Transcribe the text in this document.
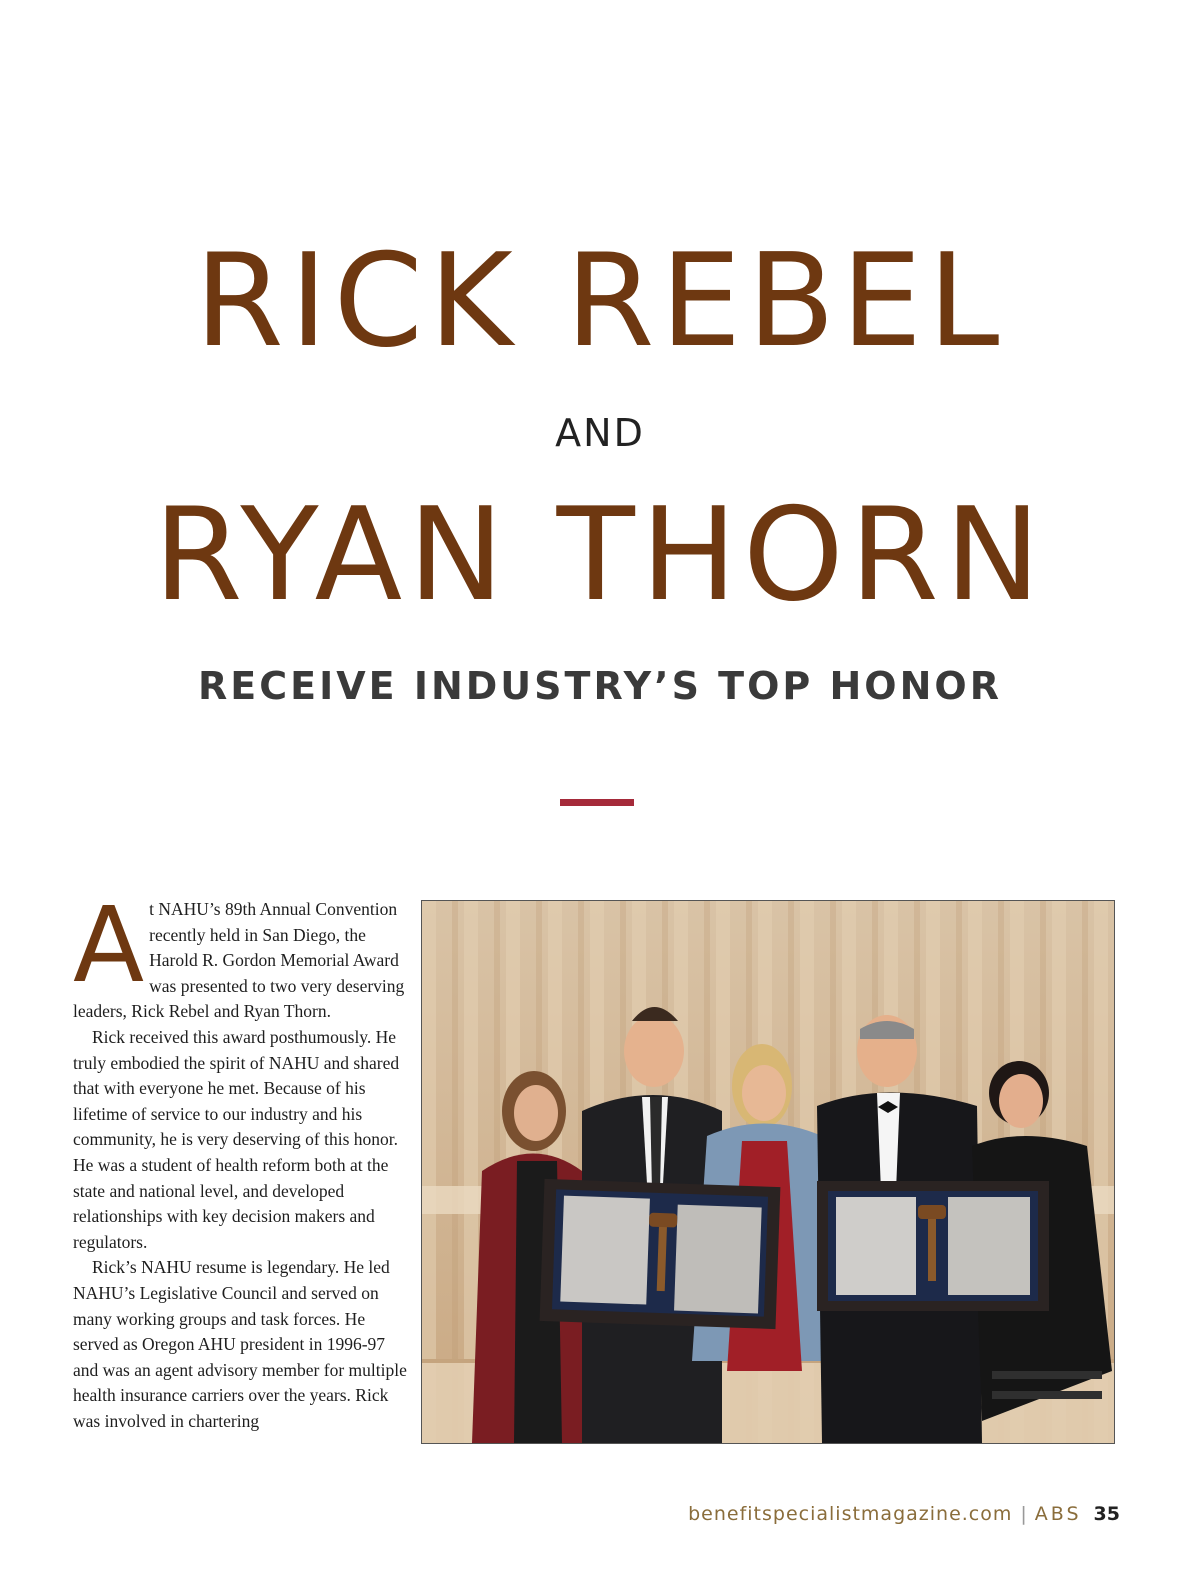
RICK REBEL
AND
RYAN THORN
RECEIVE INDUSTRY’S TOP HONOR

At NAHU’s 89th Annual Convention recently held in San Diego, the Harold R. Gordon Memorial Award was presented to two very deserving leaders, Rick Rebel and Ryan Thorn.

Rick received this award posthumously. He truly embodied the spirit of NAHU and shared that with everyone he met. Because of his lifetime of service to our industry and his community, he is very deserving of this honor. He was a student of health reform both at the state and national level, and developed relationships with key decision makers and regulators.

Rick’s NAHU resume is legendary. He led NAHU’s Legislative Council and served on many working groups and task forces. He served as Oregon AHU president in 1996-97 and was an agent advisory member for multiple health insurance carriers over the years. Rick was involved in chartering

benefitspecialistmagazine.com | ABS 35
